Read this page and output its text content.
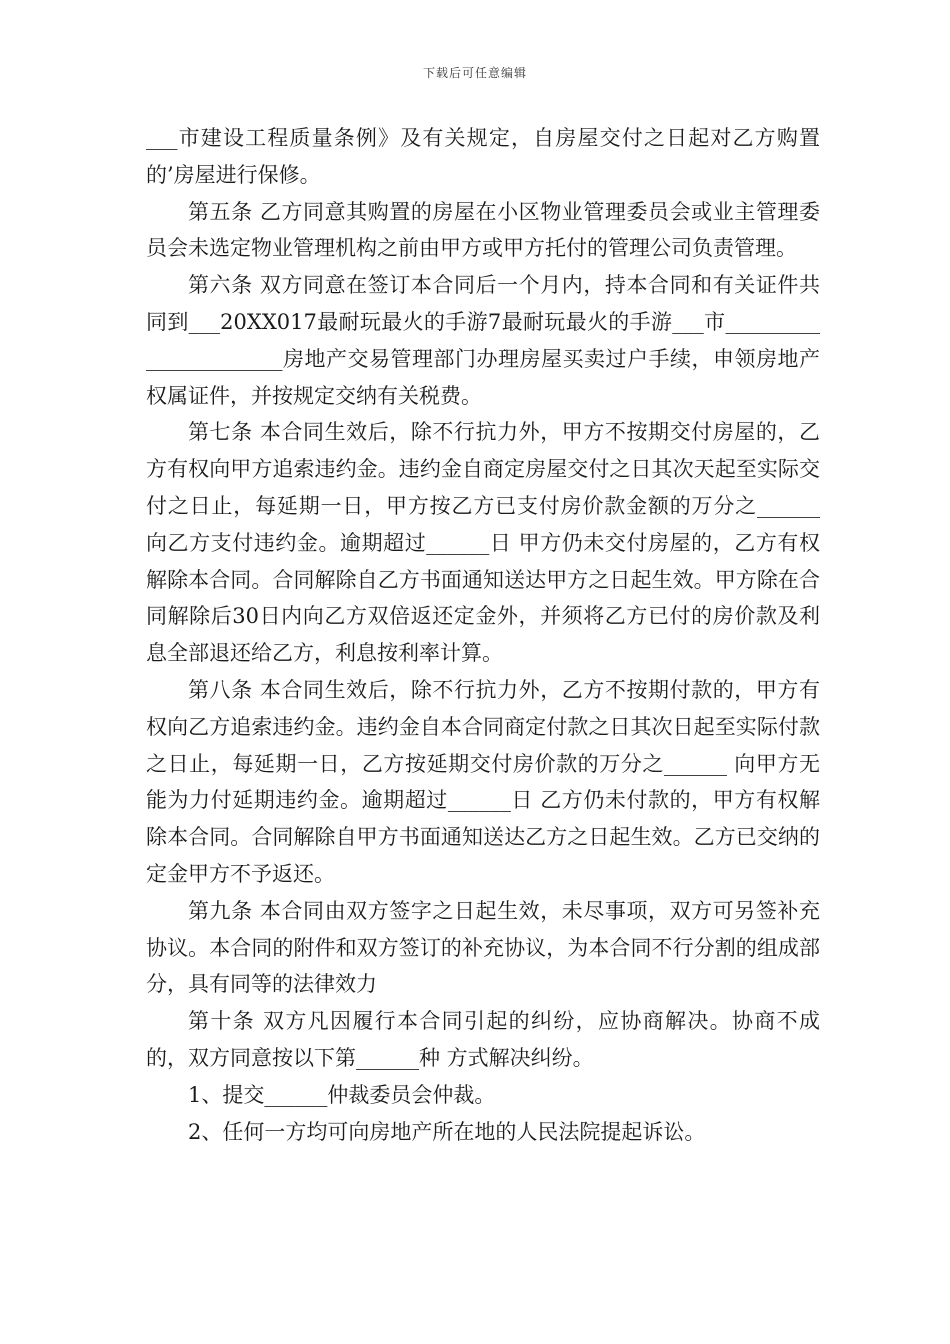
下载后可任意编辑

___市建设工程质量条例》及有关规定，自房屋交付之日起对乙方购置的’房屋进行保修。

第五条 乙方同意其购置的房屋在小区物业管理委员会或业主管理委员会未选定物业管理机构之前由甲方或甲方托付的管理公司负责管理。

第六条 双方同意在签订本合同后一个月内，持本合同和有关证件共同到___20XX017最耐玩最火的手游7最耐玩最火的手游___市______________________房地产交易管理部门办理房屋买卖过户手续，申领房地产权属证件，并按规定交纳有关税费。

第七条 本合同生效后，除不行抗力外，甲方不按期交付房屋的，乙方有权向甲方追索违约金。违约金自商定房屋交付之日其次天起至实际交付之日止，每延期一日，甲方按乙方已支付房价款金额的万分之______ 向乙方支付违约金。逾期超过______日 甲方仍未交付房屋的，乙方有权解除本合同。合同解除自乙方书面通知送达甲方之日起生效。甲方除在合同解除后30日内向乙方双倍返还定金外，并须将乙方已付的房价款及利息全部退还给乙方，利息按利率计算。

第八条 本合同生效后，除不行抗力外，乙方不按期付款的，甲方有权向乙方追索违约金。违约金自本合同商定付款之日其次日起至实际付款之日止，每延期一日，乙方按延期交付房价款的万分之______ 向甲方无能为力付延期违约金。逾期超过______日 乙方仍未付款的，甲方有权解除本合同。合同解除自甲方书面通知送达乙方之日起生效。乙方已交纳的定金甲方不予返还。

第九条 本合同由双方签字之日起生效，未尽事项，双方可另签补充协议。本合同的附件和双方签订的补充协议，为本合同不行分割的组成部分，具有同等的法律效力

第十条 双方凡因履行本合同引起的纠纷，应协商解决。协商不成的，双方同意按以下第______种 方式解决纠纷。

1、提交______仲裁委员会仲裁。

2、任何一方均可向房地产所在地的人民法院提起诉讼。
